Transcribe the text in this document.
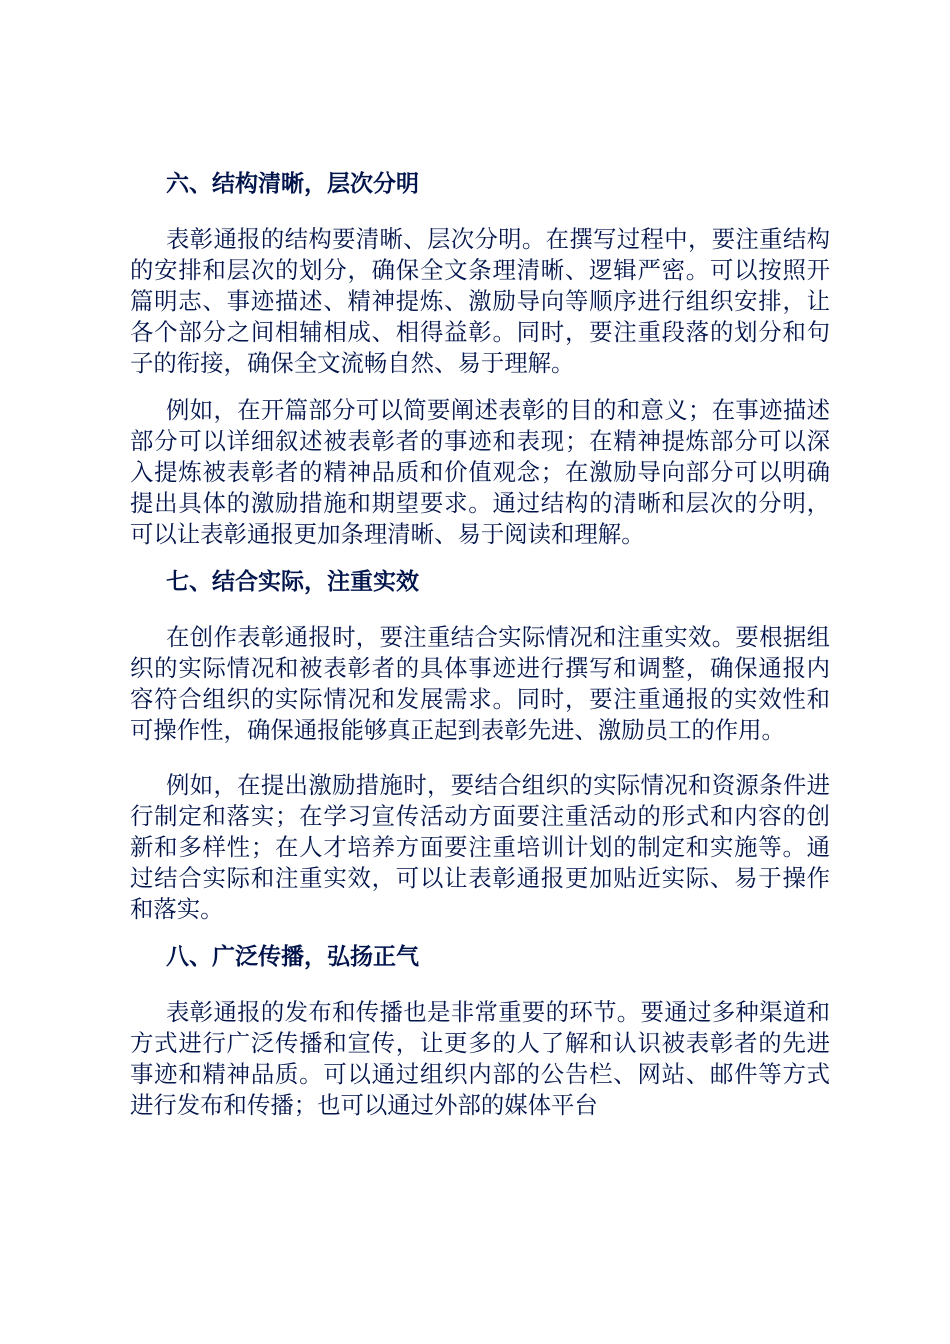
六、结构清晰，层次分明

表彰通报的结构要清晰、层次分明。在撰写过程中，要注重结构的安排和层次的划分，确保全文条理清晰、逻辑严密。可以按照开篇明志、事迹描述、精神提炼、激励导向等顺序进行组织安排，让各个部分之间相辅相成、相得益彰。同时，要注重段落的划分和句子的衔接，确保全文流畅自然、易于理解。

例如，在开篇部分可以简要阐述表彰的目的和意义；在事迹描述部分可以详细叙述被表彰者的事迹和表现；在精神提炼部分可以深入提炼被表彰者的精神品质和价值观念；在激励导向部分可以明确提出具体的激励措施和期望要求。通过结构的清晰和层次的分明，可以让表彰通报更加条理清晰、易于阅读和理解。

七、结合实际，注重实效

在创作表彰通报时，要注重结合实际情况和注重实效。要根据组织的实际情况和被表彰者的具体事迹进行撰写和调整，确保通报内容符合组织的实际情况和发展需求。同时，要注重通报的实效性和可操作性，确保通报能够真正起到表彰先进、激励员工的作用。

例如，在提出激励措施时，要结合组织的实际情况和资源条件进行制定和落实；在学习宣传活动方面要注重活动的形式和内容的创新和多样性；在人才培养方面要注重培训计划的制定和实施等。通过结合实际和注重实效，可以让表彰通报更加贴近实际、易于操作和落实。

八、广泛传播，弘扬正气

表彰通报的发布和传播也是非常重要的环节。要通过多种渠道和方式进行广泛传播和宣传，让更多的人了解和认识被表彰者的先进事迹和精神品质。可以通过组织内部的公告栏、网站、邮件等方式进行发布和传播；也可以通过外部的媒体平台
